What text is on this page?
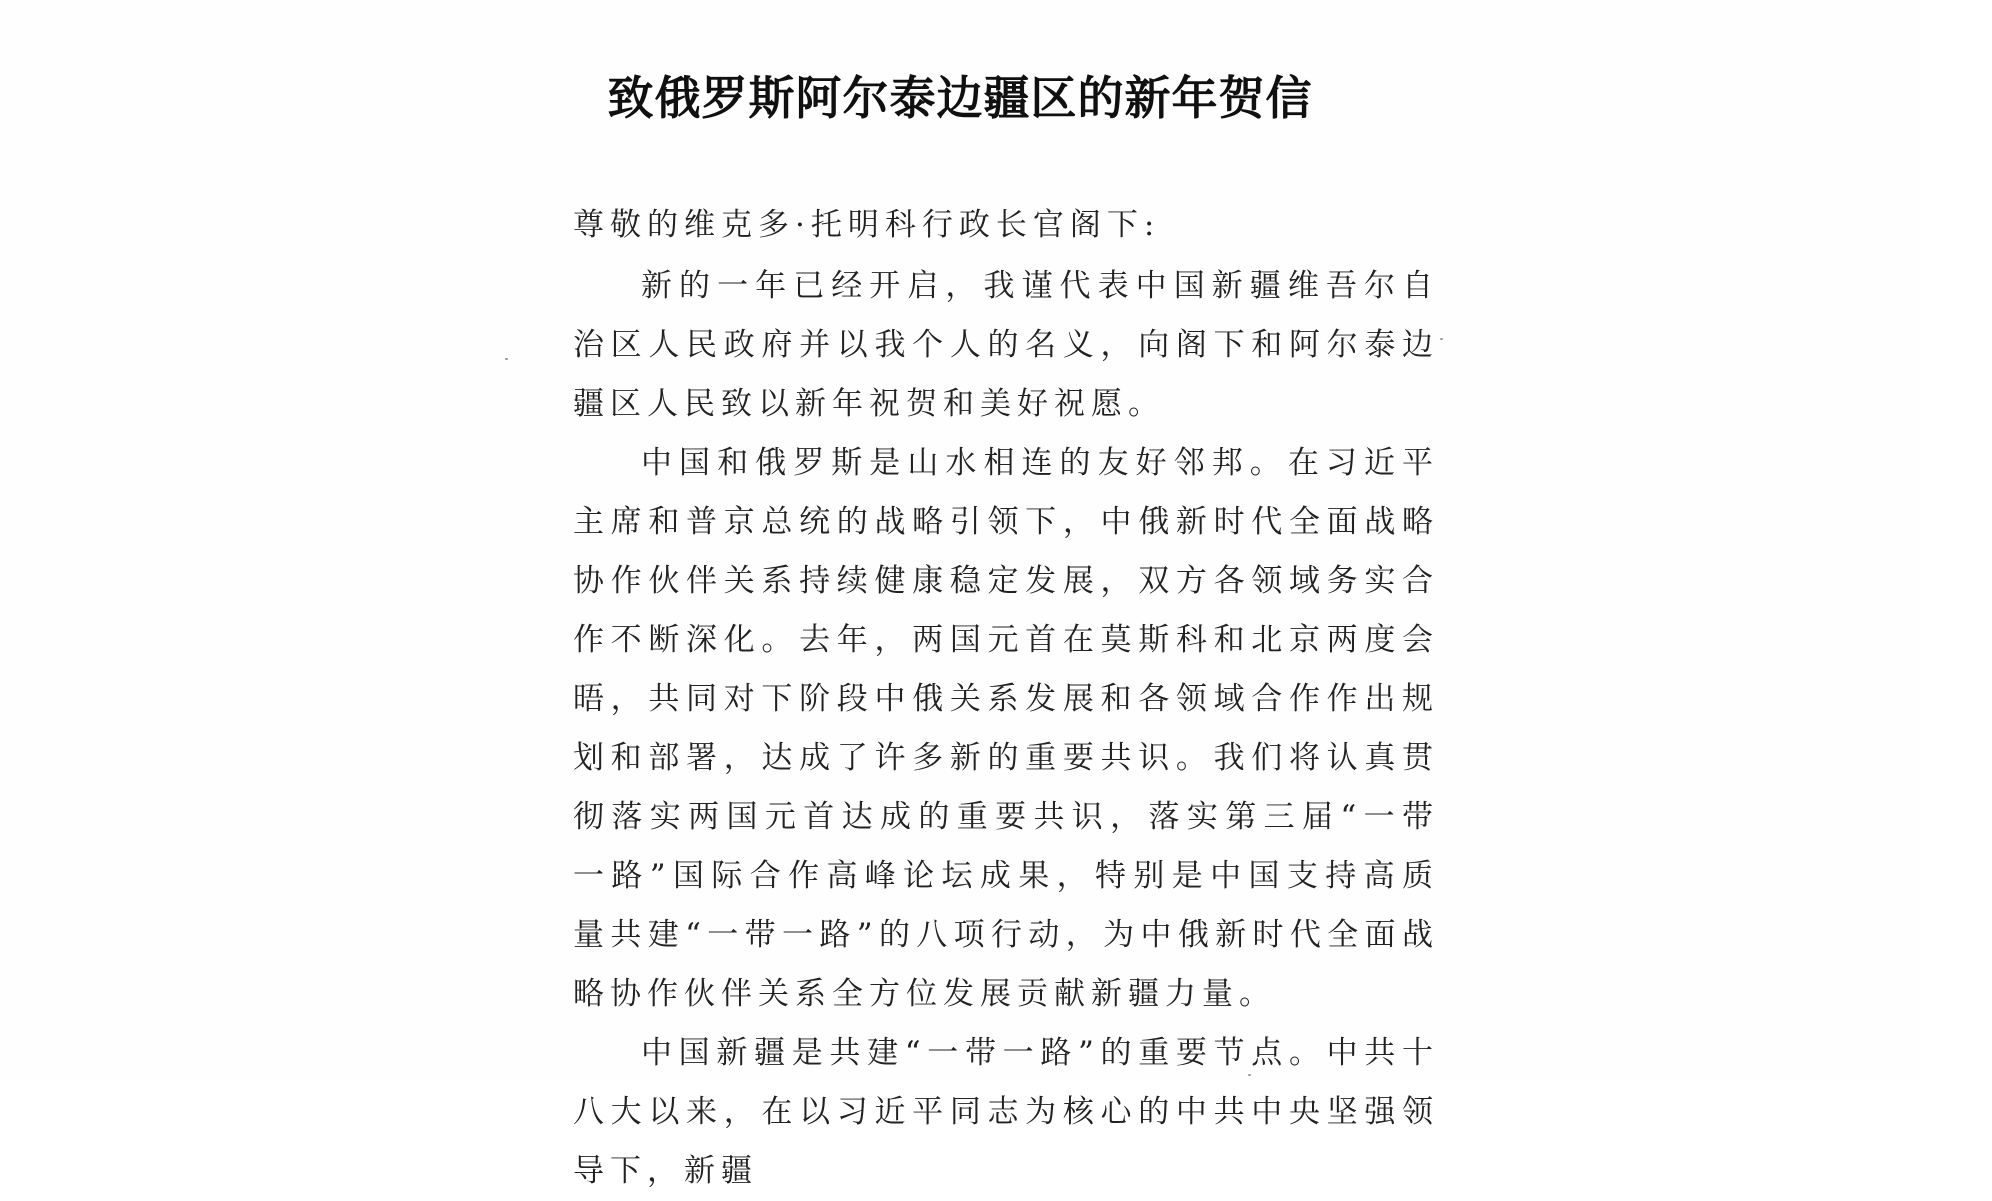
致俄罗斯阿尔泰边疆区的新年贺信

尊敬的维克多·托明科行政长官阁下:

新的一年已经开启，我谨代表中国新疆维吾尔自治区人民政府并以我个人的名义，向阁下和阿尔泰边疆区人民致以新年祝贺和美好祝愿。

中国和俄罗斯是山水相连的友好邻邦。在习近平主席和普京总统的战略引领下，中俄新时代全面战略协作伙伴关系持续健康稳定发展，双方各领域务实合作不断深化。去年，两国元首在莫斯科和北京两度会晤，共同对下阶段中俄关系发展和各领域合作作出规划和部署，达成了许多新的重要共识。我们将认真贯彻落实两国元首达成的重要共识，落实第三届“一带一路”国际合作高峰论坛成果，特别是中国支持高质量共建“一带一路”的八项行动，为中俄新时代全面战略协作伙伴关系全方位发展贡献新疆力量。

中国新疆是共建“一带一路”的重要节点。中共十八大以来，在以习近平同志为核心的中共中央坚强领导下，新疆
